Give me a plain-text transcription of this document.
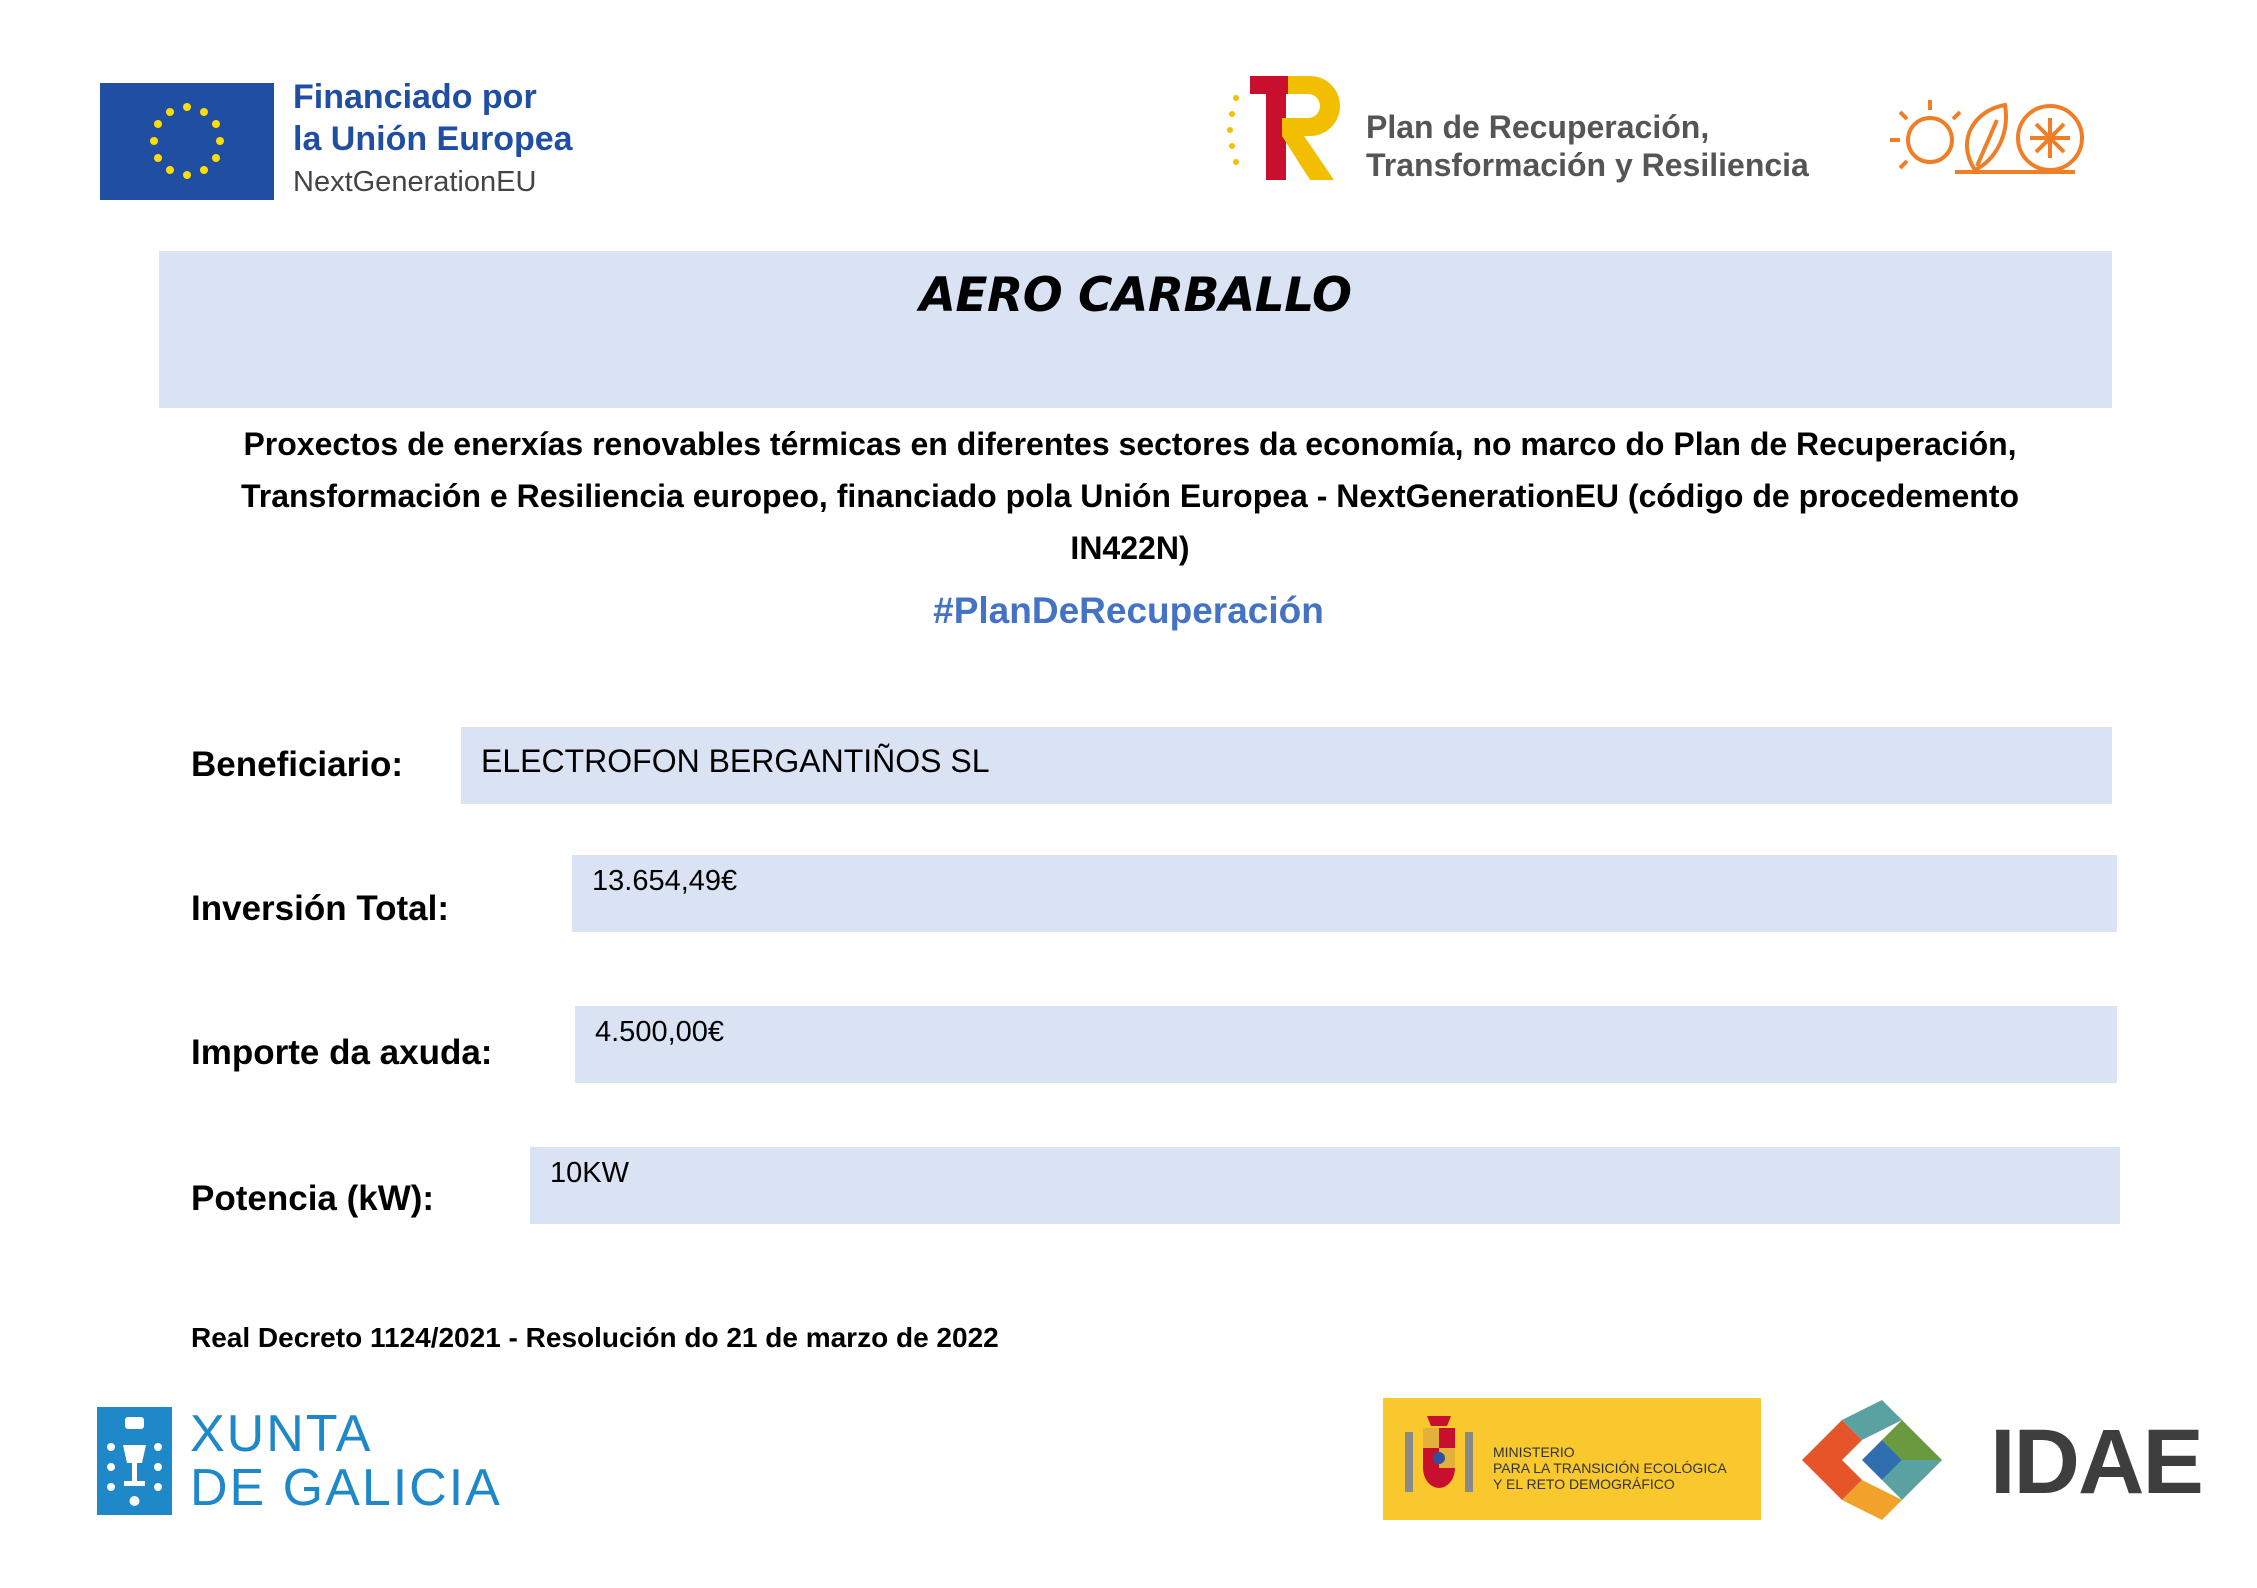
Financiado por
la Unión Europea
NextGenerationEU
Plan de Recuperación,
Transformación y Resiliencia
AERO CARBALLO
Proxectos de enerxías renovables térmicas en diferentes sectores da economía, no marco do Plan de Recuperación,
Transformación e Resiliencia europeo, financiado pola Unión Europea - NextGenerationEU (código de procedemento
IN422N)
#PlanDeRecuperación
Beneficiario: ELECTROFON BERGANTIÑOS SL
Inversión Total:
13.654,49€
Importe da axuda:
4.500,00€
Potencia (kW):
10KW
Real Decreto 1124/2021 - Resolución do 21 de marzo de 2022
XUNTA
DE GALICIA
MINISTERIO
PARA LA TRANSICIÓN ECOLÓGICA
Y EL RETO DEMOGRÁFICO	IDAE
